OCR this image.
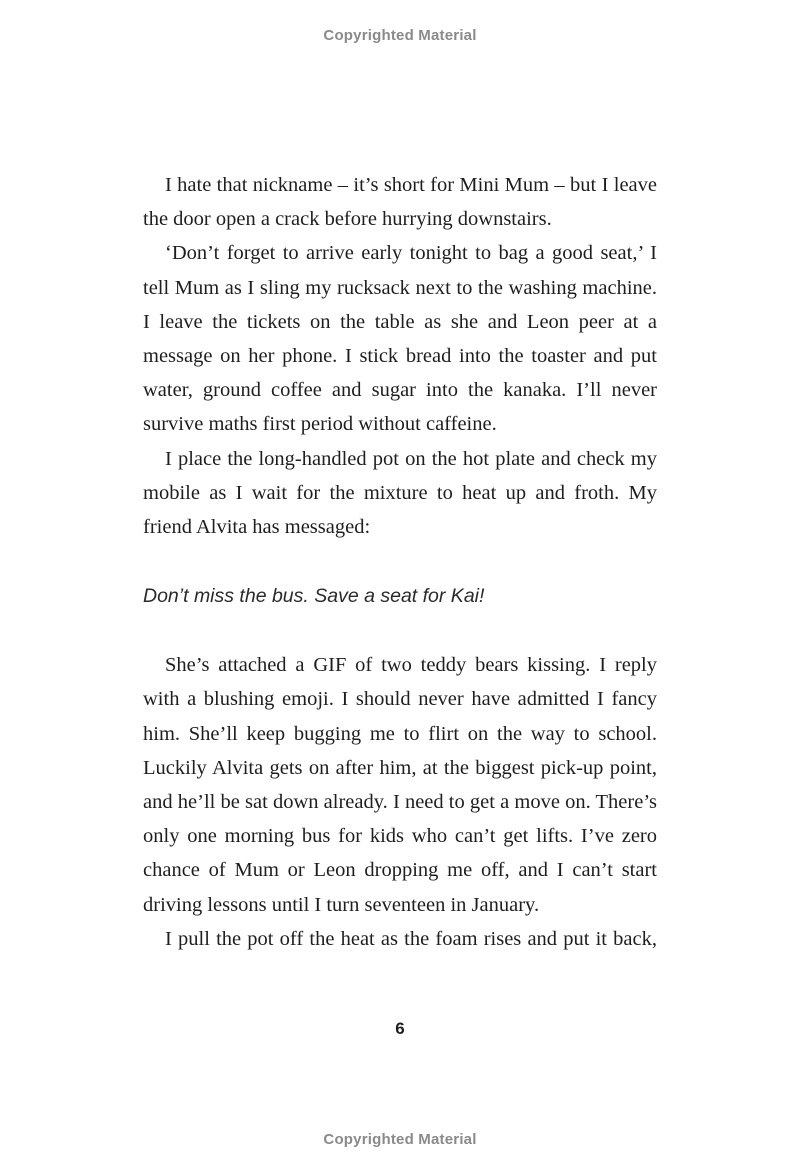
Copyrighted Material

I hate that nickname – it’s short for Mini Mum – but I leave the door open a crack before hurrying downstairs.

‘Don’t forget to arrive early tonight to bag a good seat,’ I tell Mum as I sling my rucksack next to the washing machine. I leave the tickets on the table as she and Leon peer at a message on her phone. I stick bread into the toaster and put water, ground coffee and sugar into the kanaka. I’ll never survive maths first period without caffeine.

I place the long-handled pot on the hot plate and check my mobile as I wait for the mixture to heat up and froth. My friend Alvita has messaged:

Don’t miss the bus. Save a seat for Kai!

She’s attached a GIF of two teddy bears kissing. I reply with a blushing emoji. I should never have admitted I fancy him. She’ll keep bugging me to flirt on the way to school. Luckily Alvita gets on after him, at the biggest pick-up point, and he’ll be sat down already. I need to get a move on. There’s only one morning bus for kids who can’t get lifts. I’ve zero chance of Mum or Leon dropping me off, and I can’t start driving lessons until I turn seventeen in January.

I pull the pot off the heat as the foam rises and put it back,

6
Copyrighted Material
